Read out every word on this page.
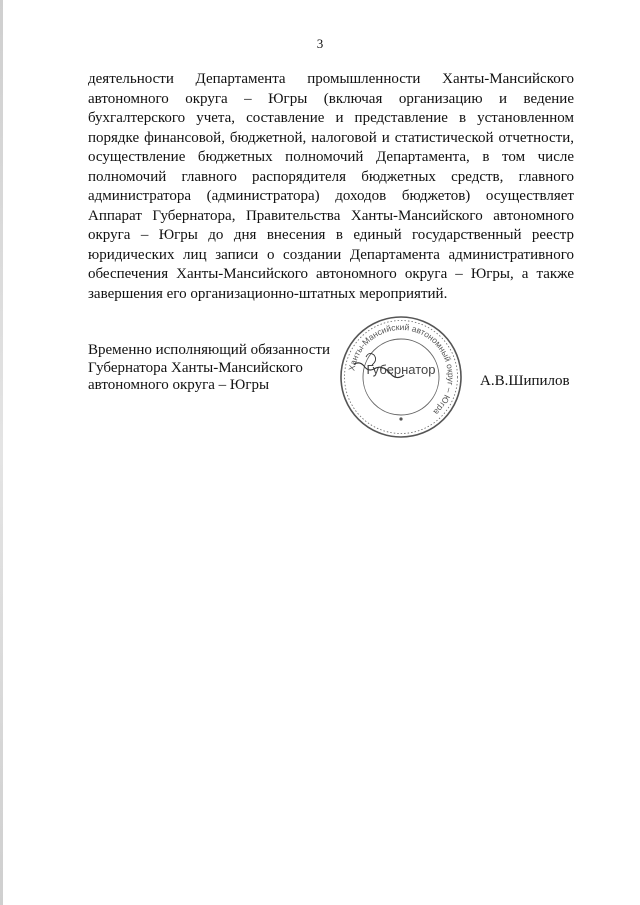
3

деятельности Департамента промышленности Ханты-Мансийского автономного округа – Югры (включая организацию и ведение бухгалтерского учета, составление и представление в установленном порядке финансовой, бюджетной, налоговой и статистической отчетности, осуществление бюджетных полномочий Департамента, в том числе полномочий главного распорядителя бюджетных средств, главного администратора (администратора) доходов бюджетов) осуществляет Аппарат Губернатора, Правительства Ханты-Мансийского автономного округа – Югры до дня внесения в единый государственный реестр юридических лиц записи о создании Департамента административного обеспечения Ханты-Мансийского автономного округа – Югры, а также завершения его организационно-штатных мероприятий.

Временно исполняющий обязанности
Губернатора Ханты-Мансийского
автономного округа – Югры
Ханты-Мансийский автономный округ – Югра
Губернатор
А.В.Шипилов
